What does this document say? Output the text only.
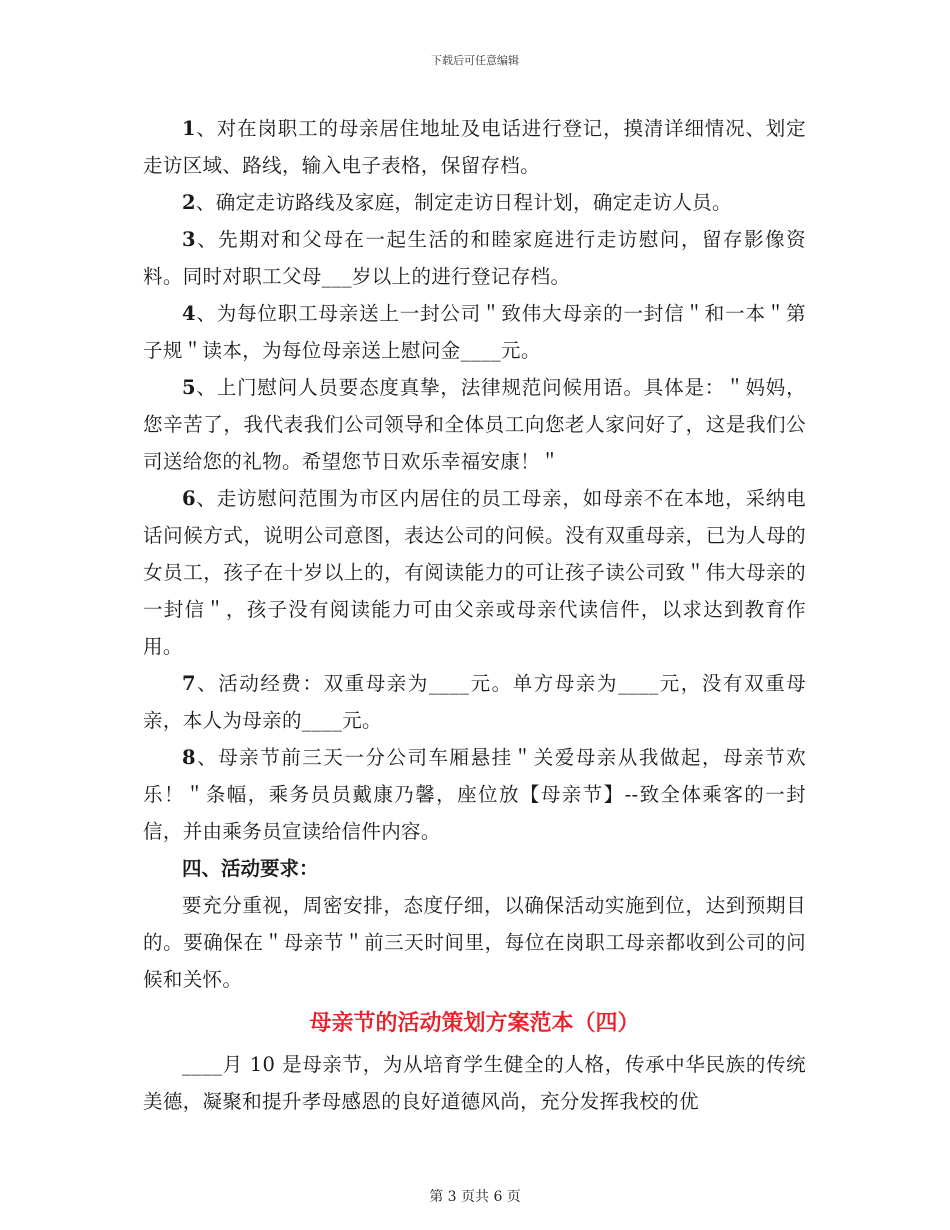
下载后可任意编辑

1、对在岗职工的母亲居住地址及电话进行登记，摸清详细情况、划定走访区域、路线，输入电子表格，保留存档。

2、确定走访路线及家庭，制定走访日程计划，确定走访人员。

3、先期对和父母在一起生活的和睦家庭进行走访慰问，留存影像资料。同时对职工父母___岁以上的进行登记存档。

4、为每位职工母亲送上一封公司＂致伟大母亲的一封信＂和一本＂第子规＂读本，为每位母亲送上慰问金____元。

5、上门慰问人员要态度真挚，法律规范问候用语。具体是：＂妈妈，您辛苦了，我代表我们公司领导和全体员工向您老人家问好了，这是我们公司送给您的礼物。希望您节日欢乐幸福安康！＂

6、走访慰问范围为市区内居住的员工母亲，如母亲不在本地，采纳电话问候方式，说明公司意图，表达公司的问候。没有双重母亲，已为人母的女员工，孩子在十岁以上的，有阅读能力的可让孩子读公司致＂伟大母亲的一封信＂，孩子没有阅读能力可由父亲或母亲代读信件，以求达到教育作用。

7、活动经费：双重母亲为____元。单方母亲为____元，没有双重母亲，本人为母亲的____元。

8、母亲节前三天一分公司车厢悬挂＂关爱母亲从我做起，母亲节欢乐！＂条幅，乘务员员戴康乃馨，座位放【母亲节】--致全体乘客的一封信，并由乘务员宣读给信件内容。

四、活动要求：

要充分重视，周密安排，态度仔细，以确保活动实施到位，达到预期目的。要确保在＂母亲节＂前三天时间里，每位在岗职工母亲都收到公司的问候和关怀。

母亲节的活动策划方案范本（四）

____月 10 是母亲节，为从培育学生健全的人格，传承中华民族的传统美德，凝聚和提升孝母感恩的良好道德风尚，充分发挥我校的优

第 3 页共 6 页
